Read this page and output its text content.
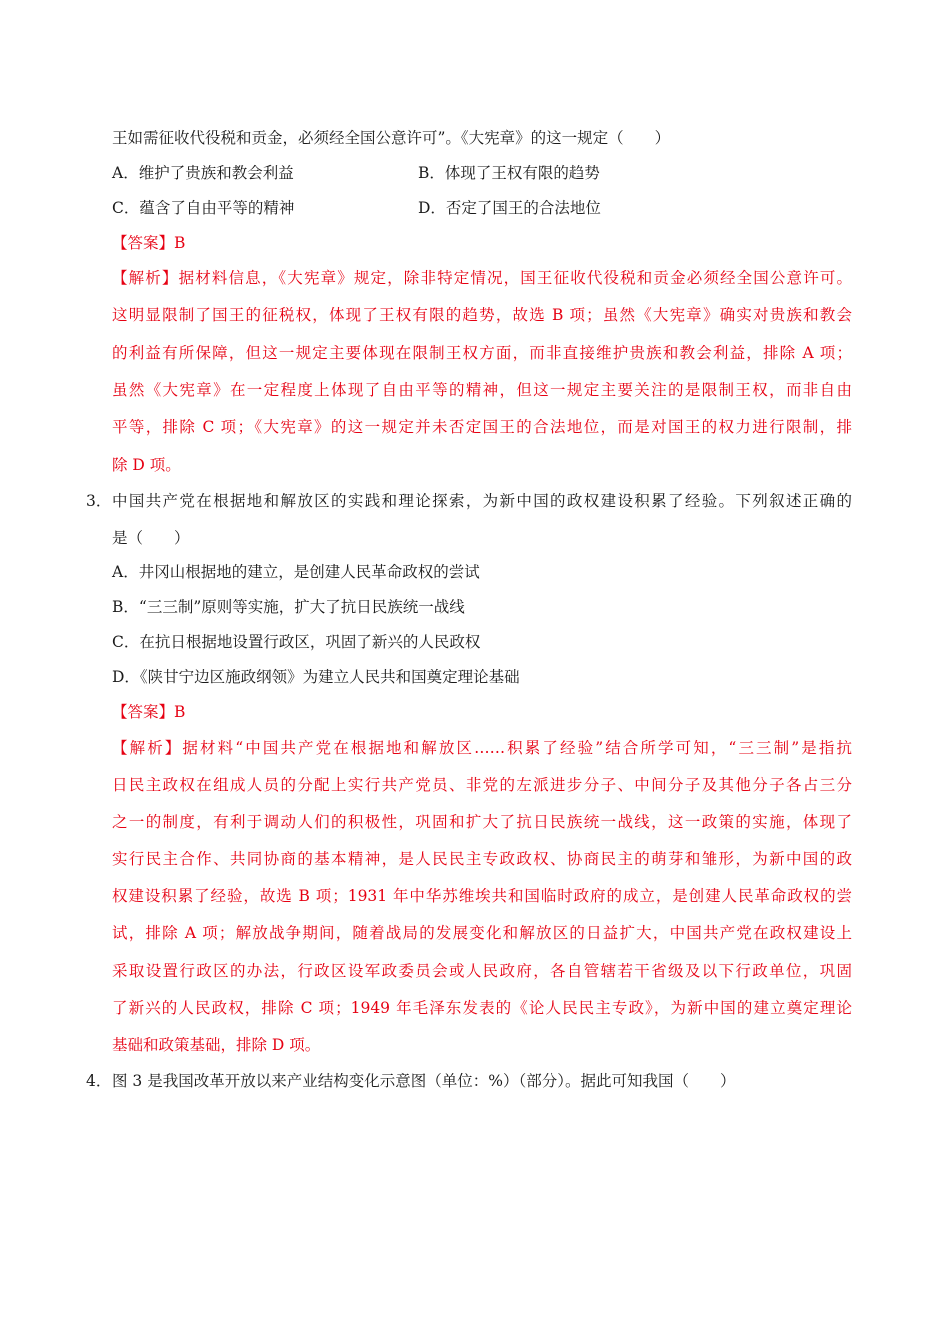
王如需征收代役税和贡金，必须经全国公意许可”。《大宪章》的这一规定（　　）
A．维护了贵族和教会利益	B．体现了王权有限的趋势
C．蕴含了自由平等的精神	D．否定了国王的合法地位
【答案】B
【解析】据材料信息，《大宪章》规定，除非特定情况，国王征收代役税和贡金必须经全国公意许可。
这明显限制了国王的征税权，体现了王权有限的趋势，故选 B 项；虽然《大宪章》确实对贵族和教会
的利益有所保障，但这一规定主要体现在限制王权方面，而非直接维护贵族和教会利益，排除 A 项；
虽然《大宪章》在一定程度上体现了自由平等的精神，但这一规定主要关注的是限制王权，而非自由
平等，排除 C 项；《大宪章》的这一规定并未否定国王的合法地位，而是对国王的权力进行限制，排
除 D 项。
3． 中国共产党在根据地和解放区的实践和理论探索，为新中国的政权建设积累了经验。下列叙述正确的
是（　　）
A．井冈山根据地的建立，是创建人民革命政权的尝试
B．“三三制”原则等实施，扩大了抗日民族统一战线
C．在抗日根据地设置行政区，巩固了新兴的人民政权
D．《陕甘宁边区施政纲领》为建立人民共和国奠定理论基础
【答案】B
【解析】据材料“中国共产党在根据地和解放区……积累了经验”结合所学可知，“三三制”是指抗
日民主政权在组成人员的分配上实行共产党员、非党的左派进步分子、中间分子及其他分子各占三分
之一的制度，有利于调动人们的积极性，巩固和扩大了抗日民族统一战线，这一政策的实施，体现了
实行民主合作、共同协商的基本精神，是人民民主专政政权、协商民主的萌芽和雏形，为新中国的政
权建设积累了经验，故选 B 项；1931 年中华苏维埃共和国临时政府的成立，是创建人民革命政权的尝
试，排除 A 项；解放战争期间，随着战局的发展变化和解放区的日益扩大，中国共产党在政权建设上
采取设置行政区的办法，行政区设军政委员会或人民政府，各自管辖若干省级及以下行政单位，巩固
了新兴的人民政权，排除 C 项；1949 年毛泽东发表的《论人民民主专政》，为新中国的建立奠定理论
基础和政策基础，排除 D 项。
4． 图 3 是我国改革开放以来产业结构变化示意图（单位：%）（部分）。据此可知我国（　　）
